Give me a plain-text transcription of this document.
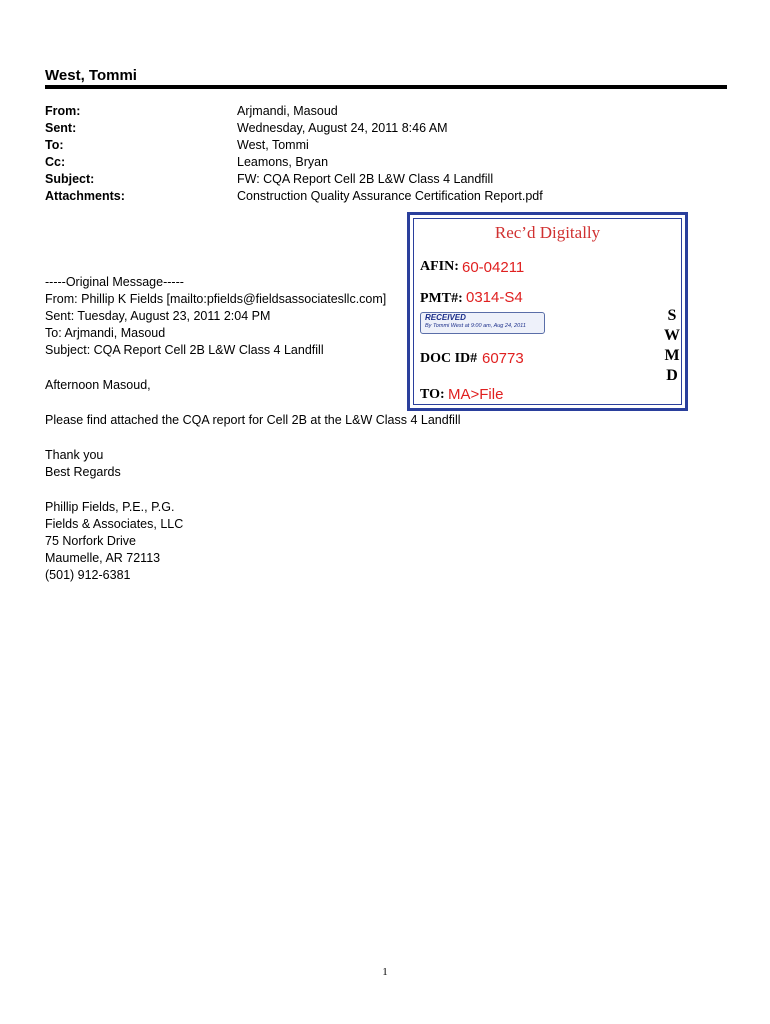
West, Tommi
From:	Arjmandi, Masoud
Sent:	Wednesday, August 24, 2011 8:46 AM
To:	West, Tommi
Cc:	Leamons, Bryan
Subject:	FW: CQA Report Cell 2B L&W Class 4 Landfill
Attachments:	Construction Quality Assurance Certification Report.pdf
-----Original Message-----
From: Phillip K Fields [mailto:pfields@fieldsassociatesllc.com]
Sent: Tuesday, August 23, 2011 2:04 PM
To: Arjmandi, Masoud
Subject: CQA Report Cell 2B L&W Class 4 Landfill
Afternoon Masoud,
Please find attached the CQA report for Cell 2B at the L&W Class 4 Landfill
Thank you
Best Regards
Phillip Fields, P.E., P.G.
Fields & Associates, LLC
75 Norfork Drive
Maumelle, AR 72113
(501) 912-6381
Rec’d Digitally
AFIN: 60-04211
PMT#: 0314-S4
RECEIVED
By Tommi West at 9:00 am, Aug 24, 2011
DOC ID# 60773
TO: MA>File
S
W
M
D
1
